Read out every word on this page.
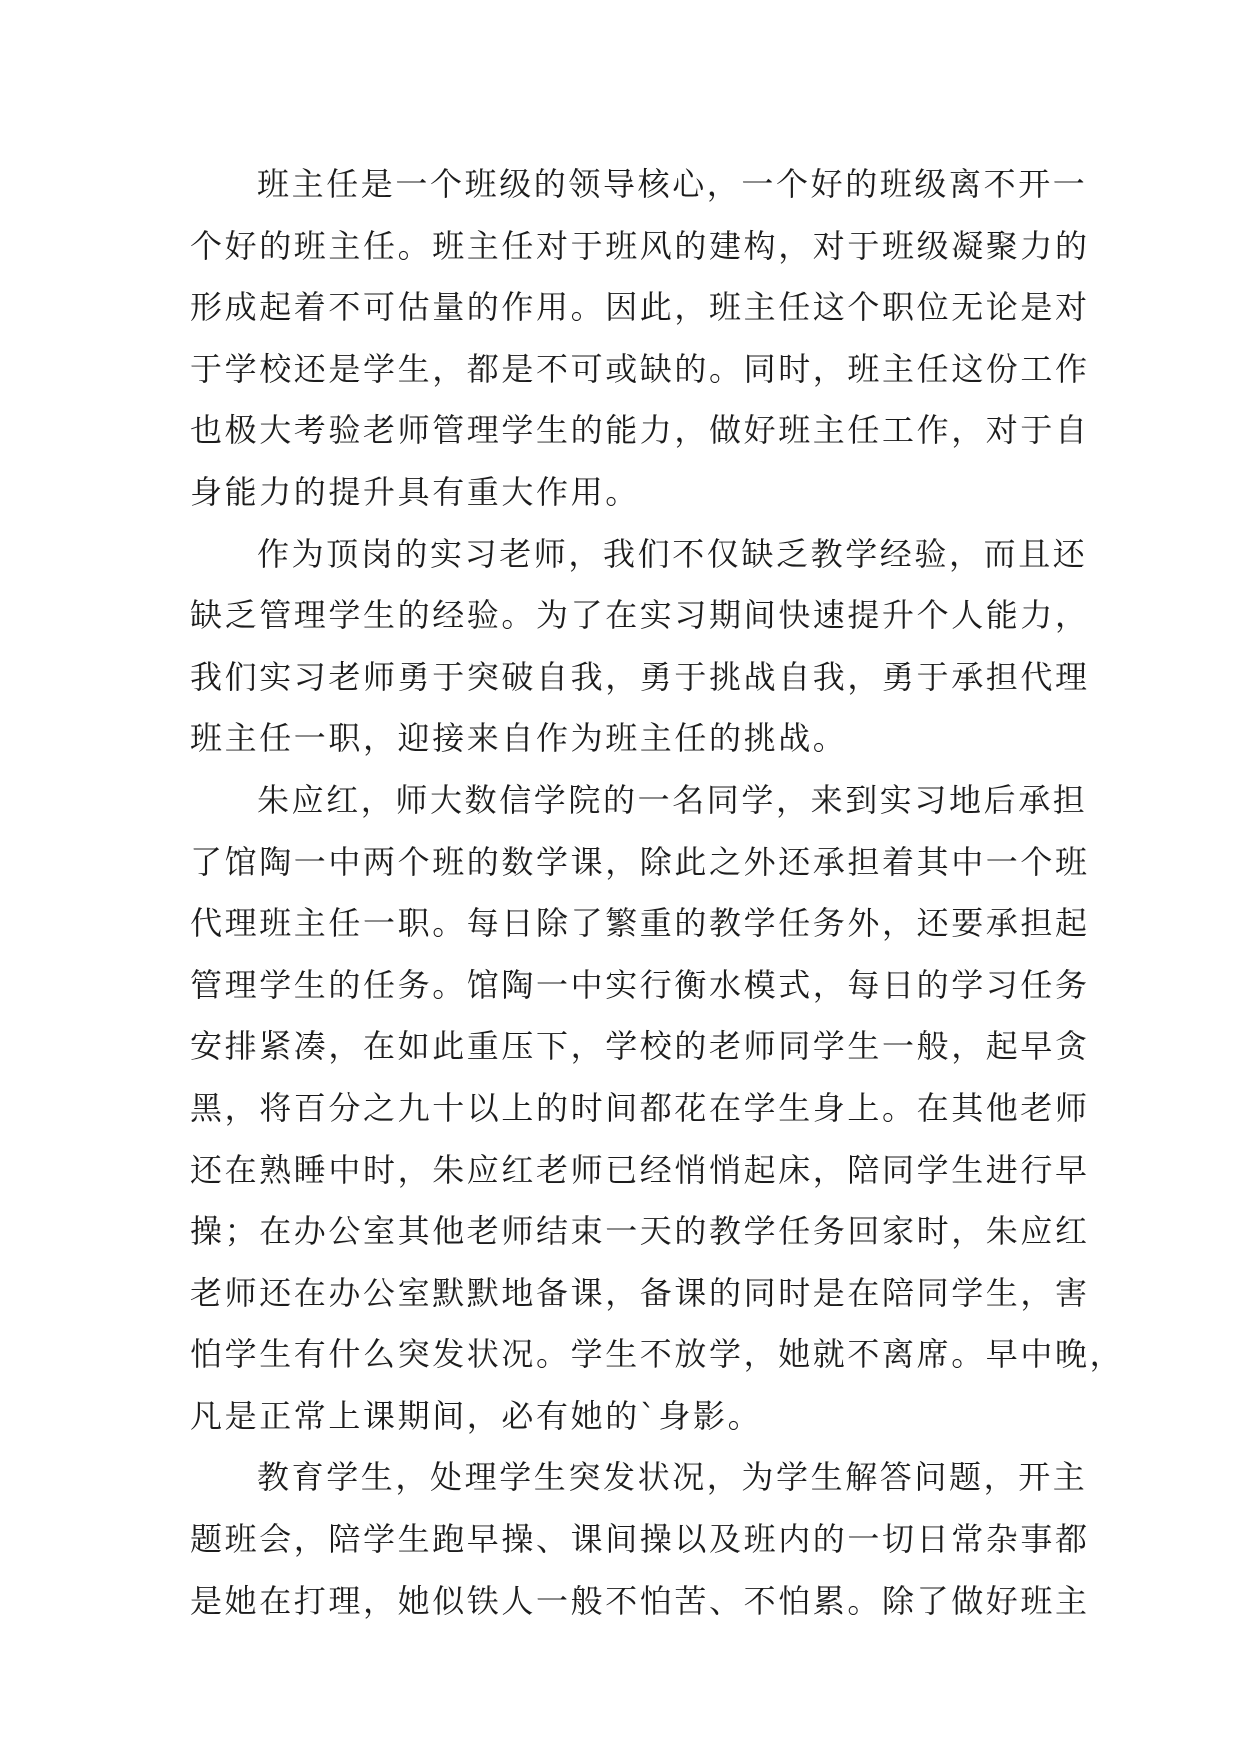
班主任是一个班级的领导核心，一个好的班级离不开一
个好的班主任。班主任对于班风的建构，对于班级凝聚力的
形成起着不可估量的作用。因此，班主任这个职位无论是对
于学校还是学生，都是不可或缺的。同时，班主任这份工作
也极大考验老师管理学生的能力，做好班主任工作，对于自
身能力的提升具有重大作用。
作为顶岗的实习老师，我们不仅缺乏教学经验，而且还
缺乏管理学生的经验。为了在实习期间快速提升个人能力，
我们实习老师勇于突破自我，勇于挑战自我，勇于承担代理
班主任一职，迎接来自作为班主任的挑战。
朱应红，师大数信学院的一名同学，来到实习地后承担
了馆陶一中两个班的数学课，除此之外还承担着其中一个班
代理班主任一职。每日除了繁重的教学任务外，还要承担起
管理学生的任务。馆陶一中实行衡水模式，每日的学习任务
安排紧凑，在如此重压下，学校的老师同学生一般，起早贪
黑，将百分之九十以上的时间都花在学生身上。在其他老师
还在熟睡中时，朱应红老师已经悄悄起床，陪同学生进行早
操；在办公室其他老师结束一天的教学任务回家时，朱应红
老师还在办公室默默地备课，备课的同时是在陪同学生，害
怕学生有什么突发状况。学生不放学，她就不离席。早中晚，
凡是正常上课期间，必有她的`身影。
教育学生，处理学生突发状况，为学生解答问题，开主
题班会，陪学生跑早操、课间操以及班内的一切日常杂事都
是她在打理，她似铁人一般不怕苦、不怕累。除了做好班主
